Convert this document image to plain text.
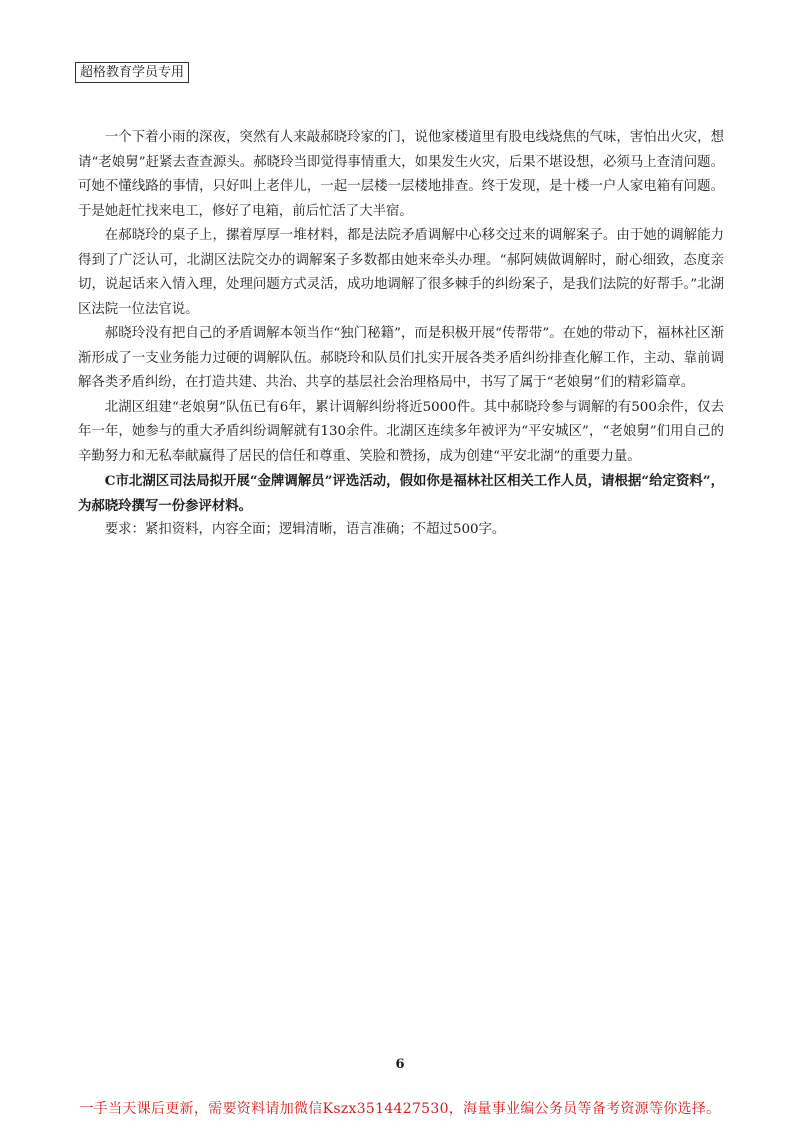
超格教育学员专用

一个下着小雨的深夜，突然有人来敲郝晓玲家的门，说他家楼道里有股电线烧焦的气味，害怕出火灾，想请“老娘舅”赶紧去查查源头。郝晓玲当即觉得事情重大，如果发生火灾，后果不堪设想，必须马上查清问题。可她不懂线路的事情，只好叫上老伴儿，一起一层楼一层楼地排查。终于发现，是十楼一户人家电箱有问题。于是她赶忙找来电工，修好了电箱，前后忙活了大半宿。

在郝晓玲的桌子上，摞着厚厚一堆材料，都是法院矛盾调解中心移交过来的调解案子。由于她的调解能力得到了广泛认可，北湖区法院交办的调解案子多数都由她来牵头办理。“郝阿姨做调解时，耐心细致，态度亲切，说起话来入情入理，处理问题方式灵活，成功地调解了很多棘手的纠纷案子，是我们法院的好帮手。”北湖区法院一位法官说。

郝晓玲没有把自己的矛盾调解本领当作“独门秘籍”，而是积极开展“传帮带”。在她的带动下，福林社区渐渐形成了一支业务能力过硬的调解队伍。郝晓玲和队员们扎实开展各类矛盾纠纷排查化解工作，主动、靠前调解各类矛盾纠纷，在打造共建、共治、共享的基层社会治理格局中，书写了属于“老娘舅”们的精彩篇章。

北湖区组建“老娘舅”队伍已有6年，累计调解纠纷将近5000件。其中郝晓玲参与调解的有500余件，仅去年一年，她参与的重大矛盾纠纷调解就有130余件。北湖区连续多年被评为“平安城区”，“老娘舅”们用自己的辛勤努力和无私奉献赢得了居民的信任和尊重、笑脸和赞扬，成为创建“平安北湖”的重要力量。

C市北湖区司法局拟开展“金牌调解员”评选活动，假如你是福林社区相关工作人员，请根据“给定资料”，为郝晓玲撰写一份参评材料。

要求：紧扣资料，内容全面；逻辑清晰，语言准确；不超过500字。

6
一手当天课后更新，需要资料请加微信Kszx3514427530，海量事业编公务员等备考资源等你选择。
